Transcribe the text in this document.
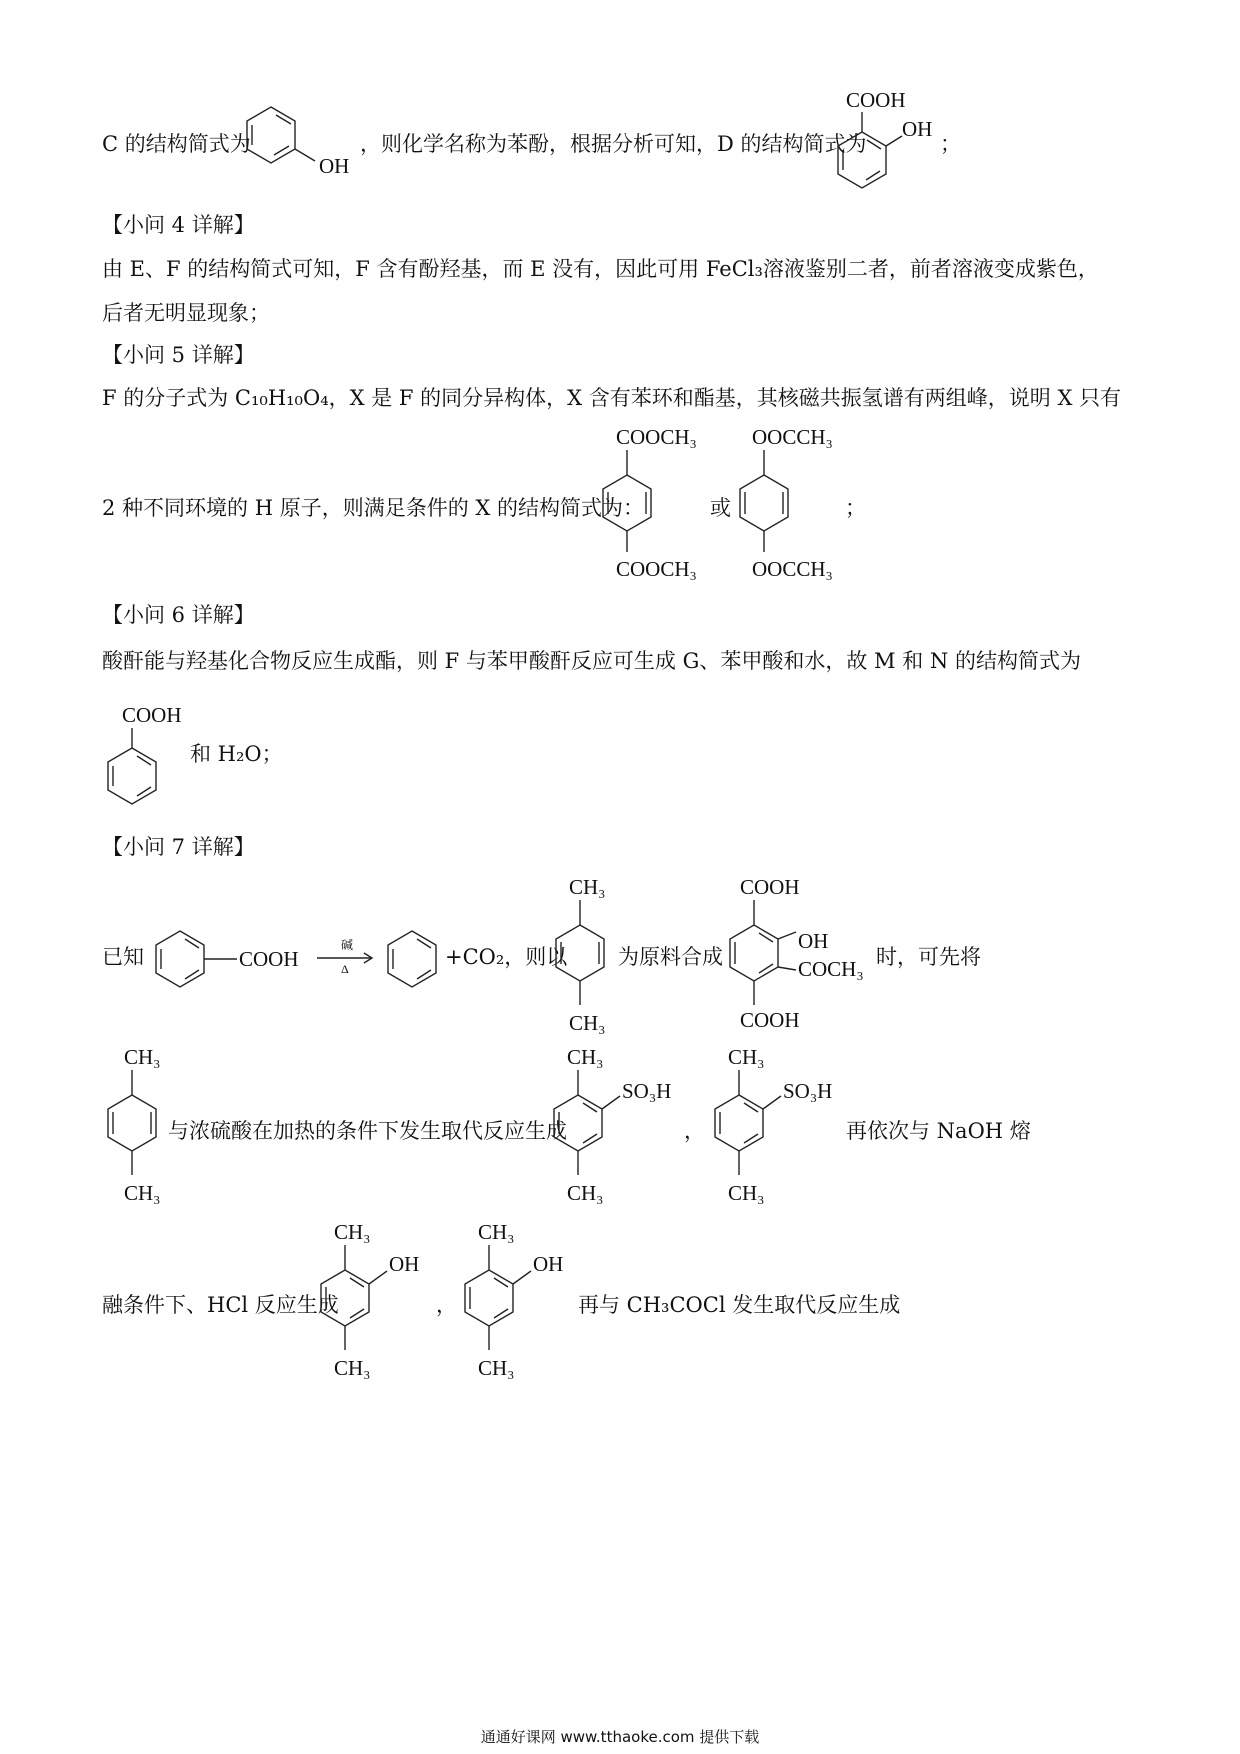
C 的结构简式为
OH
，则化学名称为苯酚，根据分析可知，D 的结构简式为
COOH
OH
；
【小问 4 详解】
由 E、F 的结构简式可知，F 含有酚羟基，而 E 没有，因此可用 FeCl₃溶液鉴别二者，前者溶液变成紫色，
后者无明显现象；
【小问 5 详解】
F 的分子式为 C₁₀H₁₀O₄，X 是 F 的同分异构体，X 含有苯环和酯基，其核磁共振氢谱有两组峰，说明 X 只有
2 种不同环境的 H 原子，则满足条件的 X 的结构简式为：
COOCH₃
COOCH₃
或
OOCCH₃
OOCCH₃
；
【小问 6 详解】
酸酐能与羟基化合物反应生成酯，则 F 与苯甲酸酐反应可生成 G、苯甲酸和水，故 M 和 N 的结构简式为
COOH
和 H₂O；
【小问 7 详解】
已知	COOH
碱
Δ	+CO₂，则以
CH₃
CH₃
为原料合成
COOH
OH
COCH₃
COOH
时，可先将
CH₃
CH₃
与浓硫酸在加热的条件下发生取代反应生成
CH₃
SO₃H
CH₃
，
CH₃
SO₃H
CH₃
再依次与 NaOH 熔
融条件下、HCl 反应生成
CH₃
OH
CH₃
，
CH₃
OH
CH₃
再与 CH₃COCl 发生取代反应生成
通通好课网 www.tthaoke.com 提供下载
